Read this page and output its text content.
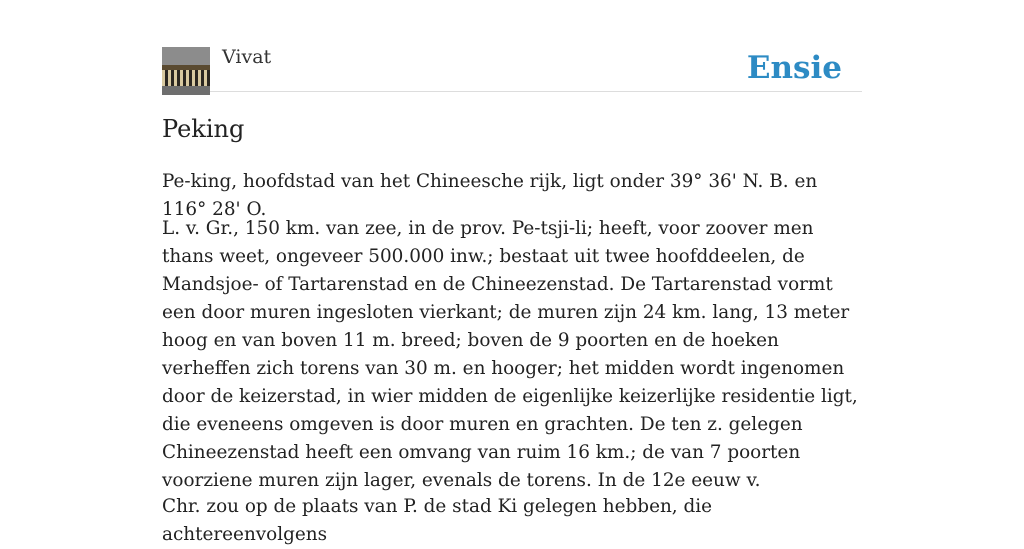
Vivat	Ensie
Peking

Pe-king, hoofdstad van het Chineesche rijk, ligt onder 39° 36' N. B. en 116° 28' O.

L. v. Gr., 150 km. van zee, in de prov. Pe-tsji-li; heeft, voor zoover men thans weet, ongeveer 500.000 inw.; bestaat uit twee hoofddeelen, de Mandsjoe- of Tartarenstad en de Chineezenstad. De Tartarenstad vormt een door muren ingesloten vierkant; de muren zijn 24 km. lang, 13 meter hoog en van boven 11 m. breed; boven de 9 poorten en de hoeken verheffen zich torens van 30 m. en hooger; het midden wordt ingenomen door de keizerstad, in wier midden de eigenlijke keizerlijke residentie ligt, die eveneens omgeven is door muren en grachten. De ten z. gelegen Chineezenstad heeft een omvang van ruim 16 km.; de van 7 poorten voorziene muren zijn lager, evenals de torens. In de 12e eeuw v.

Chr. zou op de plaats van P. de stad Ki gelegen hebben, die achtereenvolgens
